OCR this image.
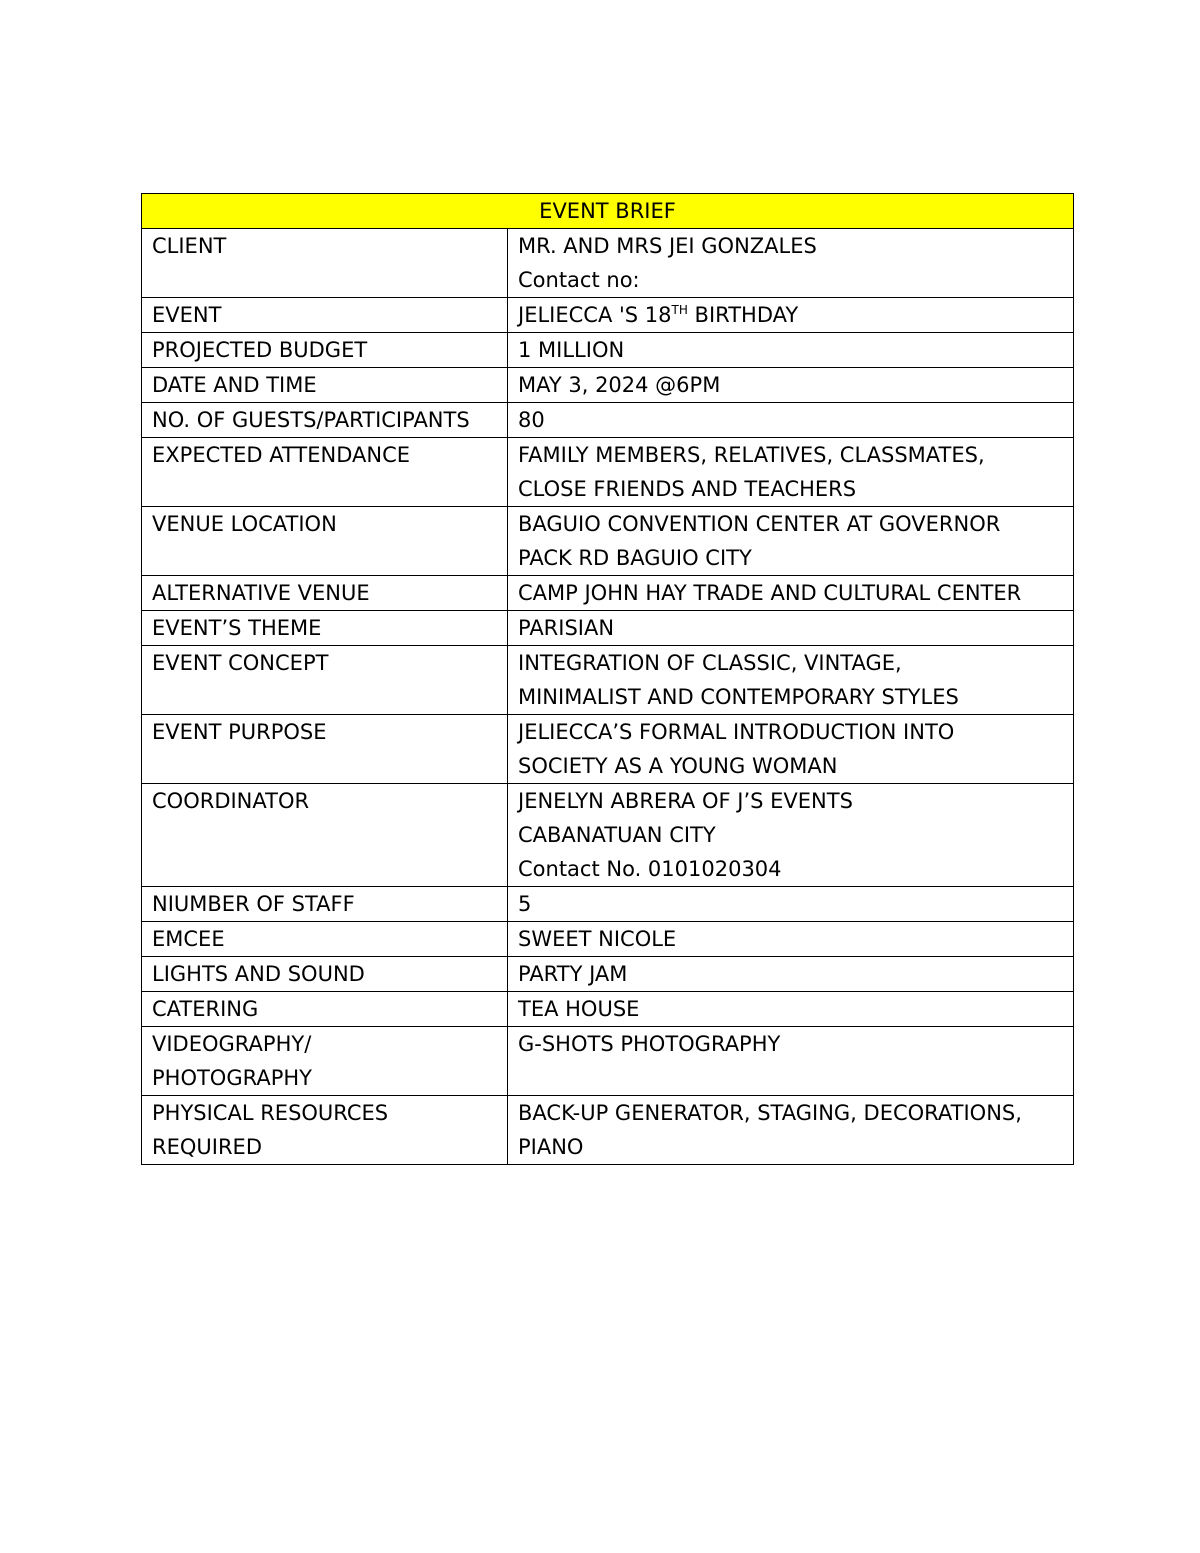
EVENT BRIEF	
CLIENT	MR. AND MRS JEI GONZALES
Contact no:

EVENT	JELIECCA 'S 18TH BIRTHDAY
PROJECTED BUDGET	1 MILLION

DATE AND TIME	MAY 3, 2024 @6PM

NO. OF GUESTS/PARTICIPANTS	80

EXPECTED ATTENDANCE	FAMILY MEMBERS, RELATIVES, CLASSMATES,
CLOSE FRIENDS AND TEACHERS

VENUE LOCATION	BAGUIO CONVENTION CENTER AT GOVERNOR
PACK RD BAGUIO CITY

ALTERNATIVE VENUE	CAMP JOHN HAY TRADE AND CULTURAL CENTER

EVENT’S THEME	PARISIAN

EVENT CONCEPT	INTEGRATION OF CLASSIC, VINTAGE,
MINIMALIST AND CONTEMPORARY STYLES

EVENT PURPOSE	JELIECCA’S FORMAL INTRODUCTION INTO
SOCIETY AS A YOUNG WOMAN

COORDINATOR	JENELYN ABRERA OF J’S EVENTS
CABANATUAN CITY
Contact No. 0101020304

NIUMBER OF STAFF	5

EMCEE	SWEET NICOLE

LIGHTS AND SOUND	PARTY JAM

CATERING	TEA HOUSE

VIDEOGRAPHY/
PHOTOGRAPHY	G-SHOTS PHOTOGRAPHY

PHYSICAL RESOURCES
REQUIRED	BACK-UP GENERATOR, STAGING, DECORATIONS,
PIANO
